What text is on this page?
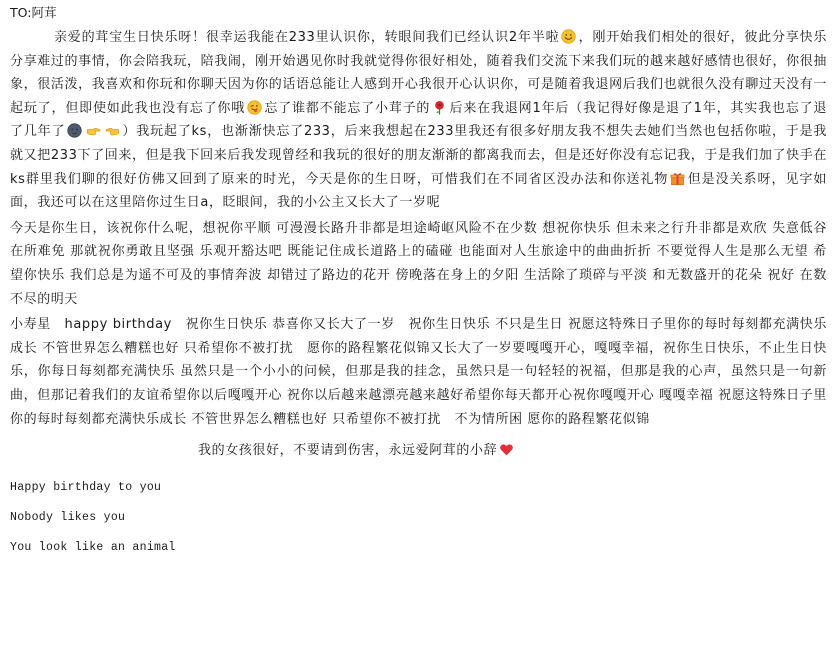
TO:阿茸

亲爱的茸宝生日快乐呀！很幸运我能在233里认识你，转眼间我们已经认识2年半啦 ，刚开始我们相处的很好，彼此分享快乐分享难过的事情，你会陪我玩，陪我闹，刚开始遇见你时我就觉得你很好相处，随着我们交流下来我们玩的越来越好感情也很好，你很抽象，很活泼，我喜欢和你玩和你聊天因为你的话语总能让人感到开心我很开心认识你，可是随着我退网后我们也就很久没有聊过天没有一起玩了，但即使如此我也没有忘了你哦 忘了谁都不能忘了小茸子的 后来在我退网1年后（我记得好像是退了1年，其实我也忘了退了几年了	）我玩起了ks，也渐渐快忘了233，后来我想起在233里我还有很多好朋友我不想失去她们当然也包括你啦，于是我就又把233下了回来，但是我下回来后我发现曾经和我玩的很好的朋友渐渐的都离我而去，但是还好你没有忘记我，于是我们加了快手在ks群里我们聊的很好仿佛又回到了原来的时光，今天是你的生日呀，可惜我们在不同省区没办法和你送礼物 但是没关系呀，见字如面，我还可以在这里陪你过生日a，眨眼间，我的小公主又长大了一岁呢

今天是你生日，该祝你什么呢，想祝你平顺 可漫漫长路升非都是坦途崎岖风险不在少数 想祝你快乐 但未来之行升非都是欢欣 失意低谷在所难免 那就祝你勇敢且坚强 乐观开豁达吧 既能记住成长道路上的磕碰 也能面对人生旅途中的曲曲折折 不要觉得人生是那么无望 希望你快乐 我们总是为遥不可及的事情奔波 却错过了路边的花开 傍晚落在身上的夕阳 生活除了琐碎与平淡 和无数盛开的花朵 祝好 在数不尽的明天

小寿星　happy birthday　祝你生日快乐 恭喜你又长大了一岁　祝你生日快乐 不只是生日 祝愿这特殊日子里你的每时每刻都充满快乐成长 不管世界怎么糟糕也好 只希望你不被打扰　愿你的路程繁花似锦又长大了一岁要嘎嘎开心，嘎嘎幸福，祝你生日快乐，不止生日快乐，你每日每刻都充满快乐 虽然只是一个小小的问候，但那是我的挂念，虽然只是一句轻轻的祝福，但那是我的心声，虽然只是一句新曲，但那记着我们的友谊希望你以后嘎嘎开心 祝你以后越来越漂亮越来越好希望你每天都开心祝你嘎嘎开心 嘎嘎幸福 祝愿这特殊日子里 你的每时每刻都充满快乐成长 不管世界怎么糟糕也好 只希望你不被打扰　不为情所困 愿你的路程繁花似锦

我的女孩很好，不要请到伤害，永远爱阿茸的小辞

Happy birthday to you

Nobody likes you

You look like an animal
